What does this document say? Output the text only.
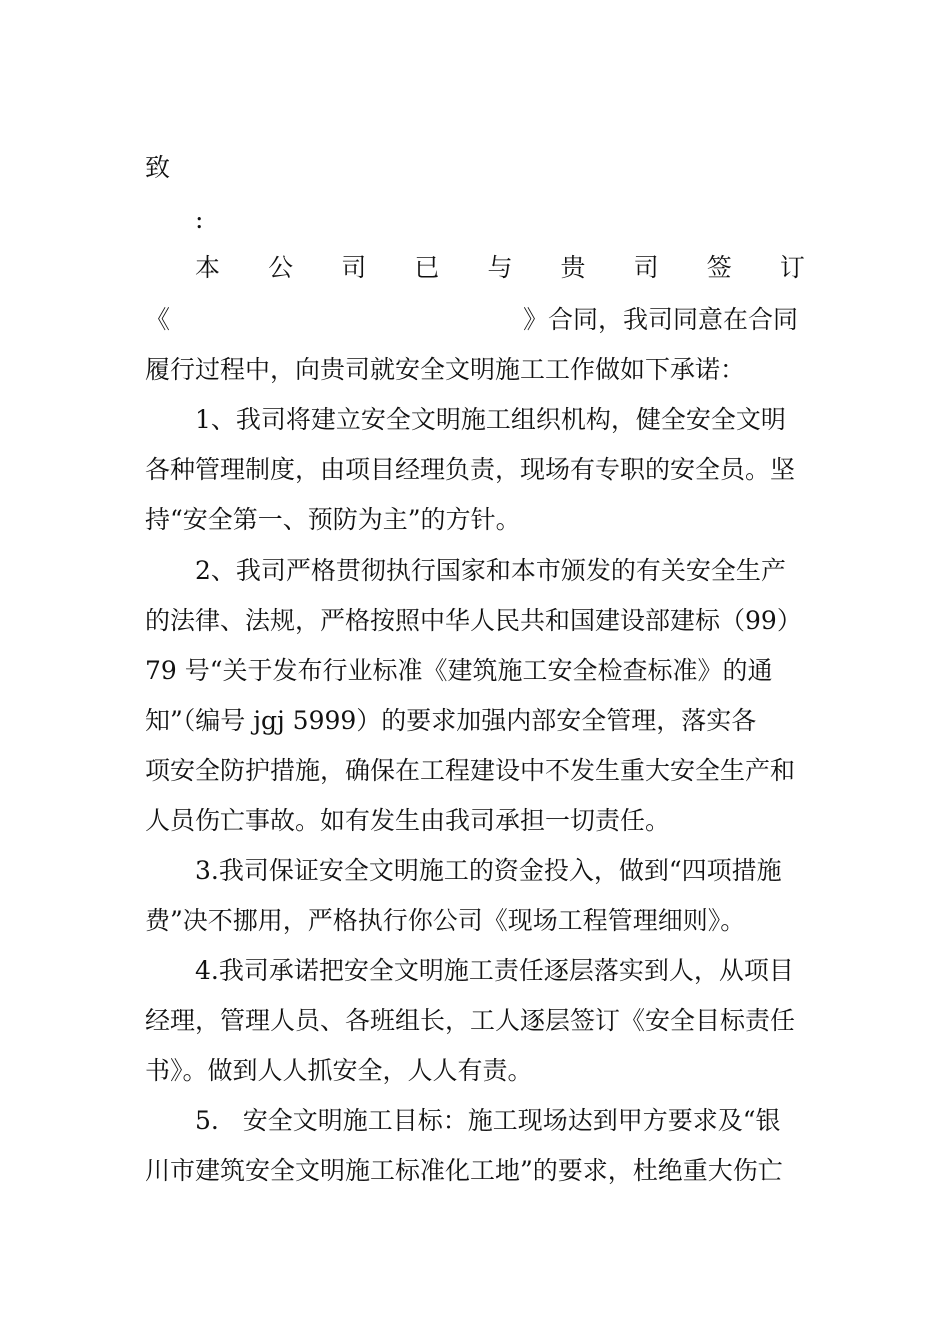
致
:
本 公 司 已 与 贵 司 签 订
《	》合同，我司同意在合同
履行过程中，向贵司就安全文明施工工作做如下承诺：
1、我司将建立安全文明施工组织机构，健全安全文明
各种管理制度，由项目经理负责，现场有专职的安全员。坚
持“安全第一、预防为主”的方针。
2、我司严格贯彻执行国家和本市颁发的有关安全生产
的法律、法规，严格按照中华人民共和国建设部建标（99）
79 号“关于发布行业标准《建筑施工安全检查标准》的通
知”（编号 jgj 5999）的要求加强内部安全管理，落实各
项安全防护措施，确保在工程建设中不发生重大安全生产和
人员伤亡事故。如有发生由我司承担一切责任。
3.我司保证安全文明施工的资金投入，做到“四项措施
费”决不挪用，严格执行你公司《现场工程管理细则》。
4.我司承诺把安全文明施工责任逐层落实到人，从项目
经理，管理人员、各班组长，工人逐层签订《安全目标责任
书》。做到人人抓安全，人人有责。
5.   安全文明施工目标：施工现场达到甲方要求及“银
川市建筑安全文明施工标准化工地”的要求，杜绝重大伤亡
